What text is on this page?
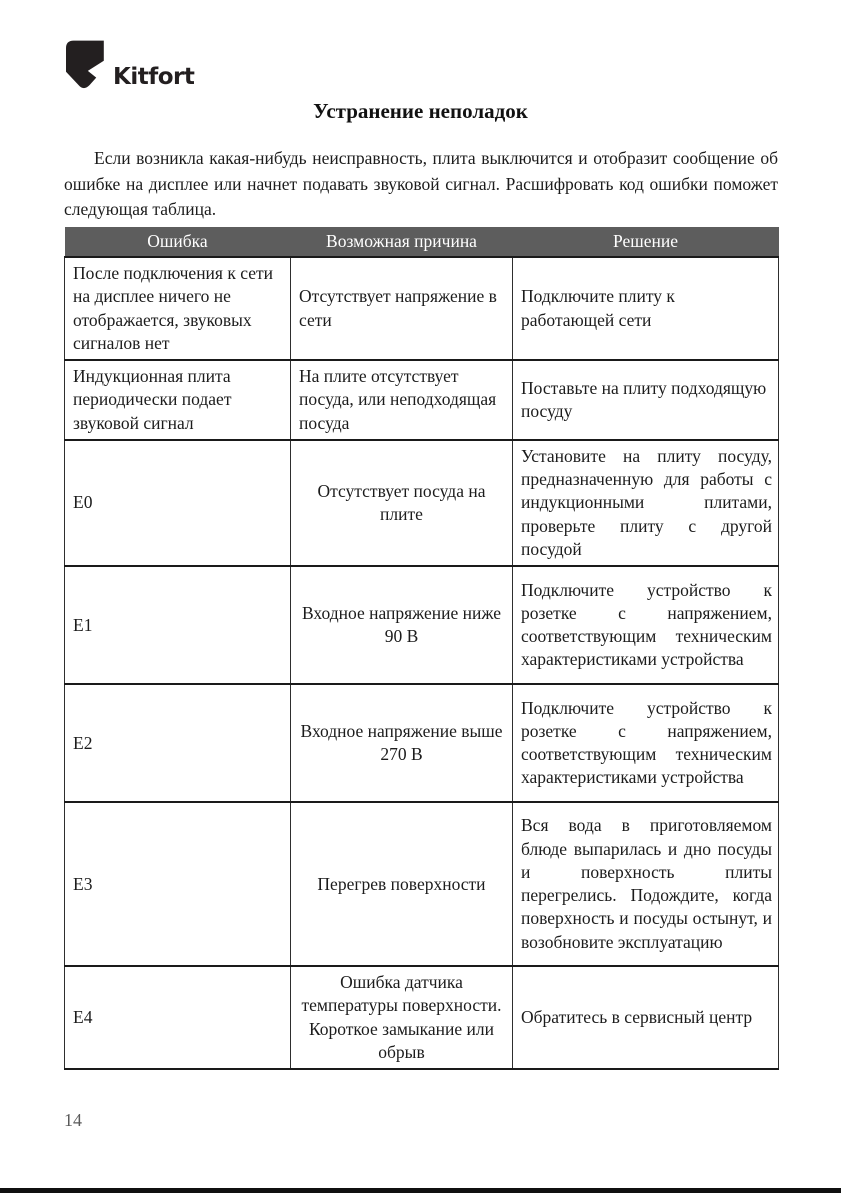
Kitfort
Устранение неполадок

Если возникла какая-нибудь неисправность, плита выключится и отобразит сообщение об ошибке на дисплее или начнет подавать звуковой сигнал. Расшифровать код ошибки поможет следующая таблица.

Ошибка	Возможная причина	Решение
После подключения к сети на дисплее ничего не отображается, звуковых сигналов нет	Отсутствует напряжение в сети	Подключите плиту к работающей сети
Индукционная плита периодически подает звуковой сигнал	На плите отсутствует посуда, или неподходящая посуда	Поставьте на плиту подходящую посуду
E0	Отсутствует посуда на плите	Установите на плиту посуду, предназначенную для работы с индукционными плитами, проверьте плиту с другой посудой
E1	Входное напряжение ниже 90 В	Подключите устройство к розетке с напряжением, соответствующим техническим характеристиками устройства
E2	Входное напряжение выше 270 В	Подключите устройство к розетке с напряжением, соответствующим техническим характеристиками устройства
E3	Перегрев поверхности	Вся вода в приготовляемом блюде выпарилась и дно посуды и поверхность плиты перегрелись. Подождите, когда поверхность и посуды остынут, и возобновите эксплуатацию
E4	Ошибка датчика температуры поверхности. Короткое замыкание или обрыв	Обратитесь в сервисный центр
14
